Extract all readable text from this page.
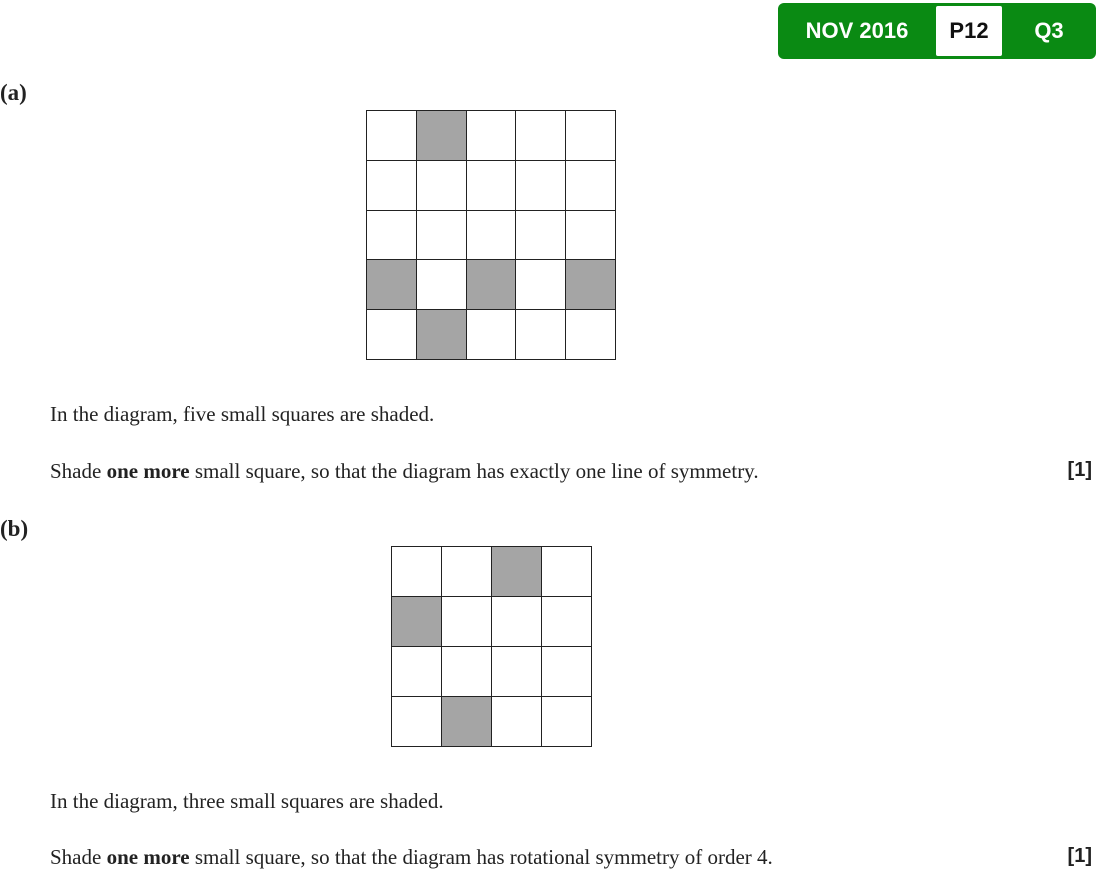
NOV 2016	P12	Q3
(a)
In the diagram, five small squares are shaded.
Shade one more small square, so that the diagram has exactly one line of symmetry.	[1]
(b)
In the diagram, three small squares are shaded.
Shade one more small square, so that the diagram has rotational symmetry of order 4.	[1]
